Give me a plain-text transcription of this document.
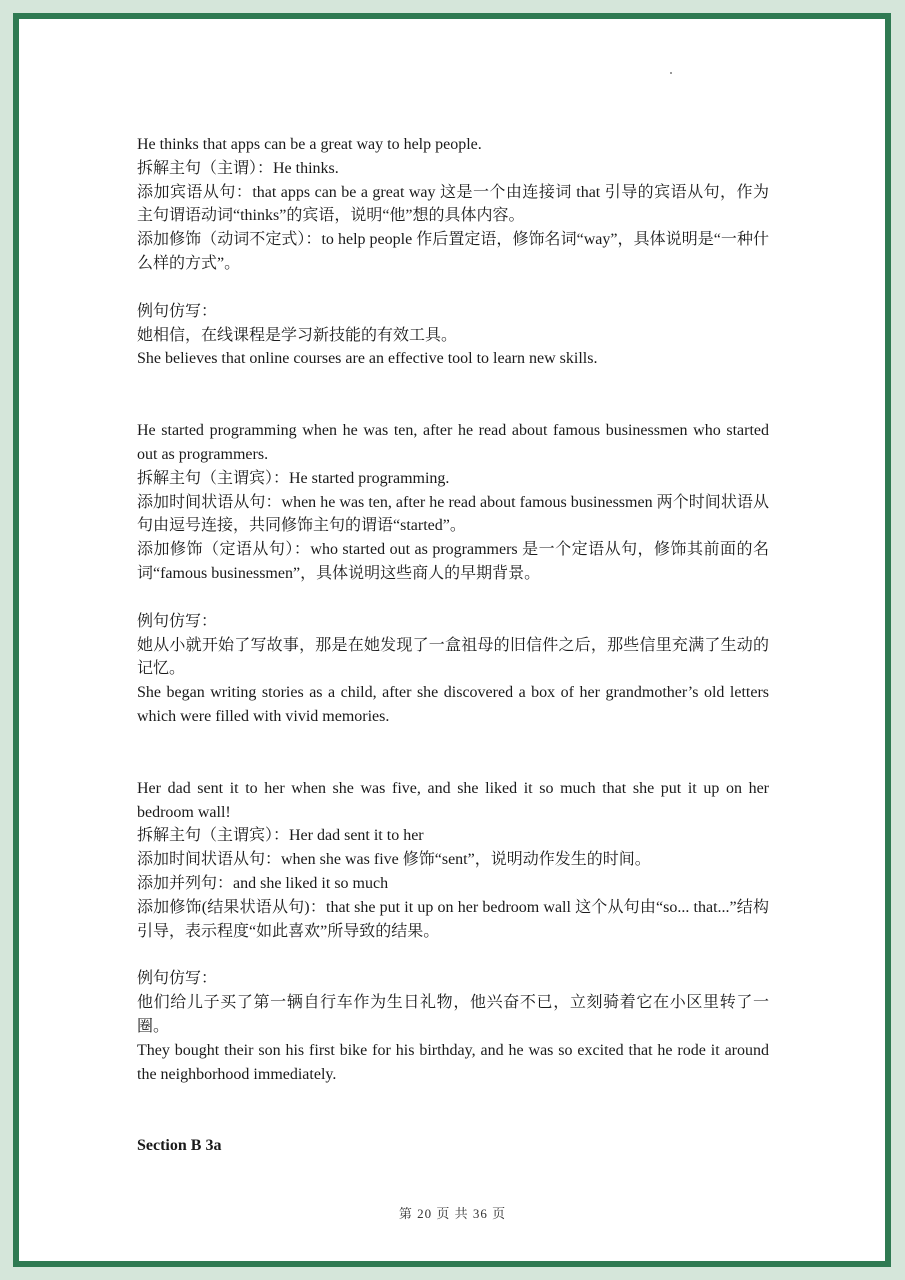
He thinks that apps can be a great way to help people.

拆解主句（主谓）：He thinks.

添加宾语从句：that apps can be a great way 这是一个由连接词 that 引导的宾语从句，作为主句谓语动词“thinks”的宾语，说明“他”想的具体内容。

添加修饰（动词不定式）：to help people 作后置定语，修饰名词“way”，具体说明是“一种什么样的方式”。

例句仿写：

她相信，在线课程是学习新技能的有效工具。

She believes that online courses are an effective tool to learn new skills.

He started programming when he was ten, after he read about famous businessmen who started out as programmers.

拆解主句（主谓宾）：He started programming.

添加时间状语从句：when he was ten, after he read about famous businessmen 两个时间状语从句由逗号连接，共同修饰主句的谓语“started”。

添加修饰（定语从句）：who started out as programmers 是一个定语从句，修饰其前面的名词“famous businessmen”，具体说明这些商人的早期背景。

例句仿写：

她从小就开始了写故事，那是在她发现了一盒祖母的旧信件之后，那些信里充满了生动的记忆。

She began writing stories as a child, after she discovered a box of her grandmother’s old letters which were filled with vivid memories.

Her dad sent it to her when she was five, and she liked it so much that she put it up on her bedroom wall!

拆解主句（主谓宾）：Her dad sent it to her

添加时间状语从句：when she was five 修饰“sent”，说明动作发生的时间。

添加并列句：and she liked it so much

添加修饰(结果状语从句)：that she put it up on her bedroom wall 这个从句由“so... that...”结构引导，表示程度“如此喜欢”所导致的结果。

例句仿写：

他们给儿子买了第一辆自行车作为生日礼物，他兴奋不已，立刻骑着它在小区里转了一圈。

They bought their son his first bike for his birthday, and he was so excited that he rode it around the neighborhood immediately.

Section B 3a

第 20 页 共 36 页
